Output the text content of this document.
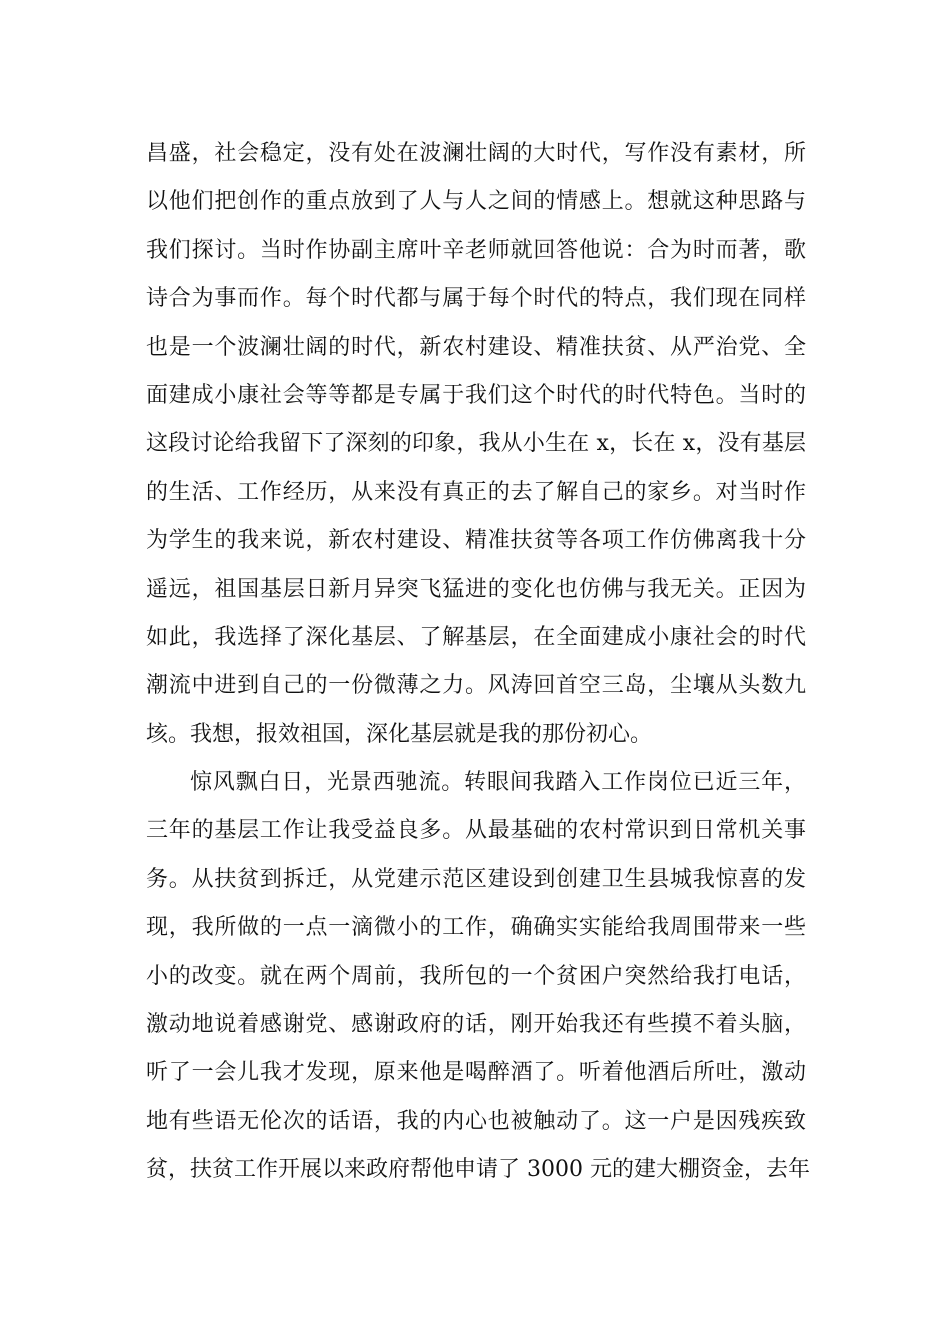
昌盛，社会稳定，没有处在波澜壮阔的大时代，写作没有素材，所
以他们把创作的重点放到了人与人之间的情感上。想就这种思路与
我们探讨。当时作协副主席叶辛老师就回答他说：合为时而著，歌
诗合为事而作。每个时代都与属于每个时代的特点，我们现在同样
也是一个波澜壮阔的时代，新农村建设、精准扶贫、从严治党、全
面建成小康社会等等都是专属于我们这个时代的时代特色。当时的
这段讨论给我留下了深刻的印象，我从小生在 x，长在 x，没有基层
的生活、工作经历，从来没有真正的去了解自己的家乡。对当时作
为学生的我来说，新农村建设、精准扶贫等各项工作仿佛离我十分
遥远，祖国基层日新月异突飞猛进的变化也仿佛与我无关。正因为
如此，我选择了深化基层、了解基层，在全面建成小康社会的时代
潮流中进到自己的一份微薄之力。风涛回首空三岛，尘壤从头数九
垓。我想，报效祖国，深化基层就是我的那份初心。
惊风飘白日，光景西驰流。转眼间我踏入工作岗位已近三年，
三年的基层工作让我受益良多。从最基础的农村常识到日常机关事
务。从扶贫到拆迁，从党建示范区建设到创建卫生县城我惊喜的发
现，我所做的一点一滴微小的工作，确确实实能给我周围带来一些
小的改变。就在两个周前，我所包的一个贫困户突然给我打电话，
激动地说着感谢党、感谢政府的话，刚开始我还有些摸不着头脑，
听了一会儿我才发现，原来他是喝醉酒了。听着他酒后所吐，激动
地有些语无伦次的话语，我的内心也被触动了。这一户是因残疾致
贫，扶贫工作开展以来政府帮他申请了 3000 元的建大棚资金，去年
